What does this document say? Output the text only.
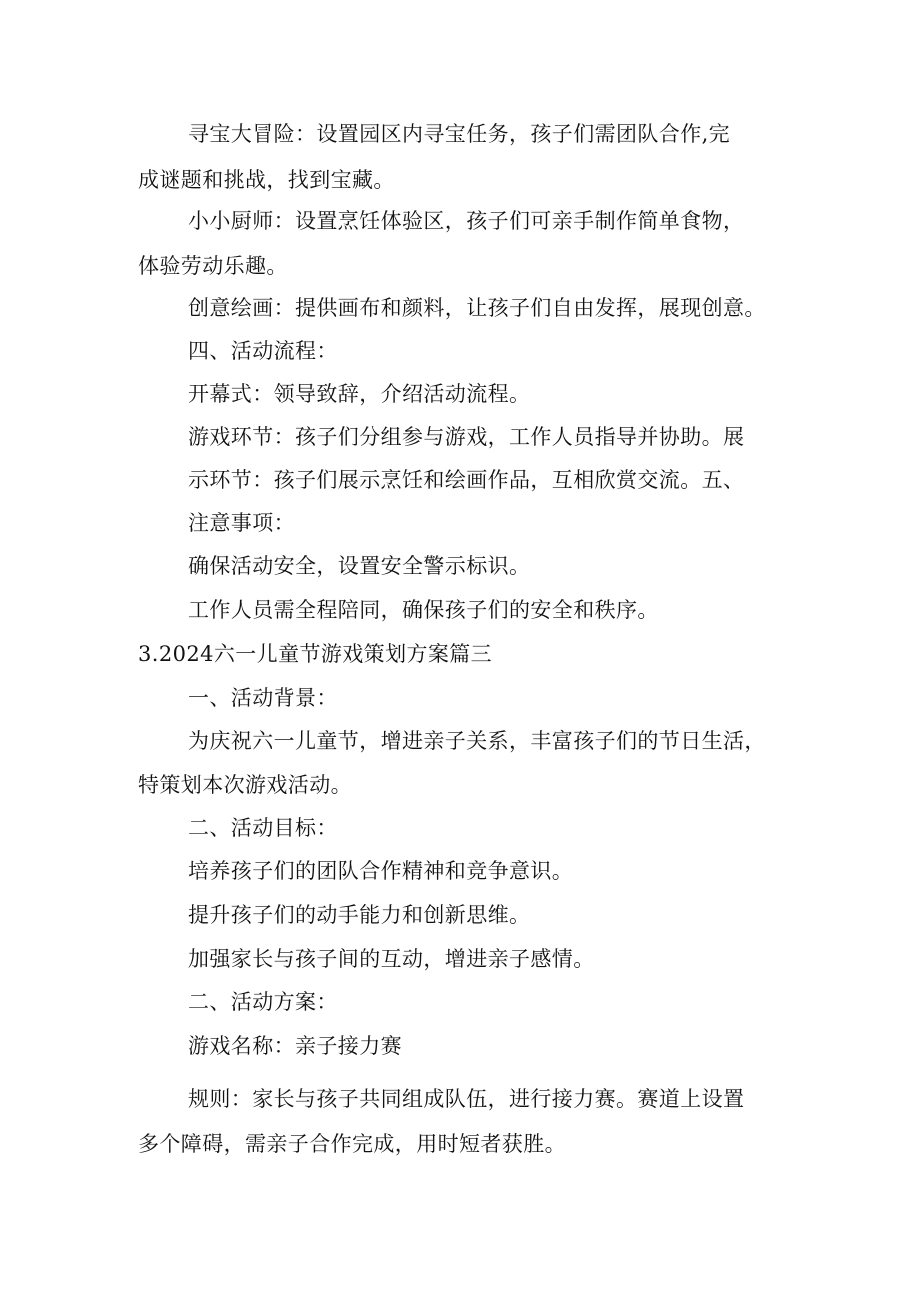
寻宝大冒险：设置园区内寻宝任务，孩子们需团队合作,完
成谜题和挑战，找到宝藏。
小小厨师：设置烹饪体验区，孩子们可亲手制作简单食物，
体验劳动乐趣。
创意绘画：提供画布和颜料，让孩子们自由发挥，展现创意。
四、活动流程：
开幕式：领导致辞，介绍活动流程。
游戏环节：孩子们分组参与游戏，工作人员指导并协助。展
示环节：孩子们展示烹饪和绘画作品，互相欣赏交流。五、
注意事项：
确保活动安全，设置安全警示标识。
工作人员需全程陪同，确保孩子们的安全和秩序。
3.2024六一儿童节游戏策划方案篇三
一、活动背景：
为庆祝六一儿童节，增进亲子关系，丰富孩子们的节日生活，
特策划本次游戏活动。
二、活动目标：
培养孩子们的团队合作精神和竞争意识。
提升孩子们的动手能力和创新思维。
加强家长与孩子间的互动，增进亲子感情。
二、活动方案：
游戏名称：亲子接力赛
规则：家长与孩子共同组成队伍，进行接力赛。赛道上设置
多个障碍，需亲子合作完成，用时短者获胜。
